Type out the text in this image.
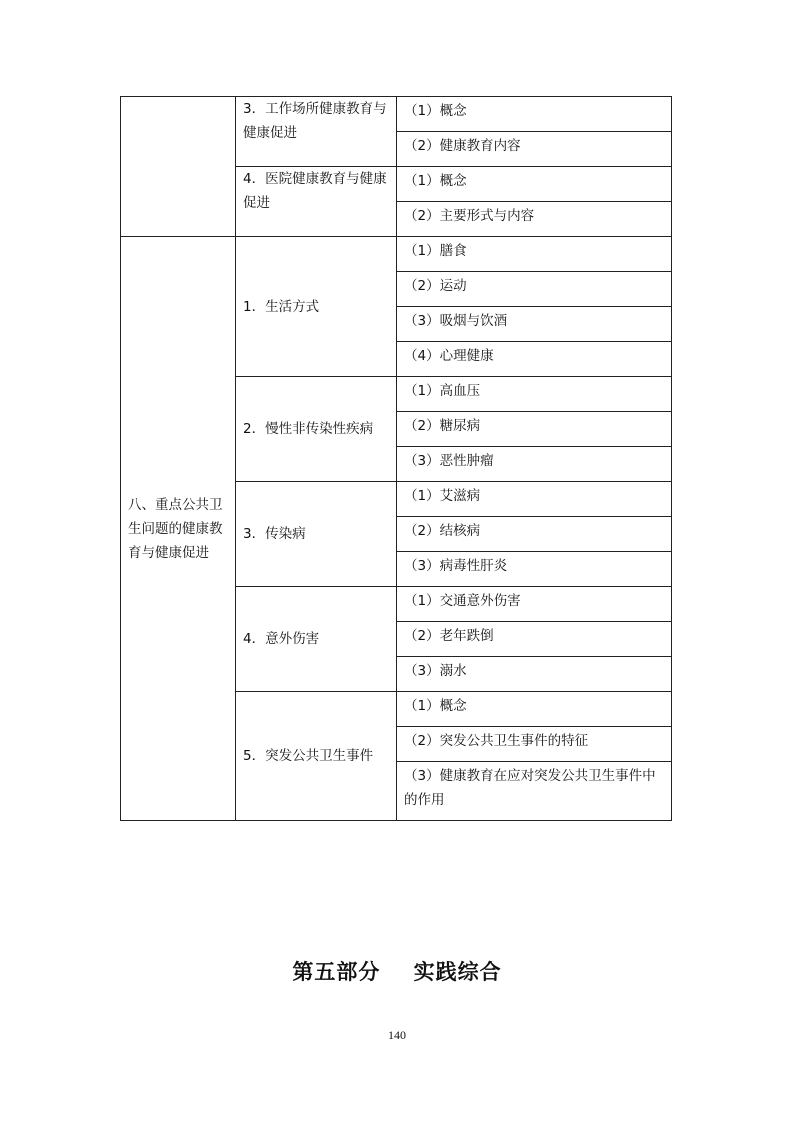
	3．工作场所健康教育与健康促进	（1）概念
		（2）健康教育内容
	4．医院健康教育与健康促进	（1）概念
		（2）主要形式与内容
八、重点公共卫生问题的健康教育与健康促进	1．生活方式	（1）膳食
		（2）运动
		（3）吸烟与饮酒
		（4）心理健康
	2．慢性非传染性疾病	（1）高血压
		（2）糖尿病
		（3）恶性肿瘤
	3．传染病	（1）艾滋病
		（2）结核病
		（3）病毒性肝炎
	4．意外伤害	（1）交通意外伤害
		（2）老年跌倒
		（3）溺水
	5．突发公共卫生事件	（1）概念
		（2）突发公共卫生事件的特征
		（3）健康教育在应对突发公共卫生事件中的作用
第五部分    实践综合
140
